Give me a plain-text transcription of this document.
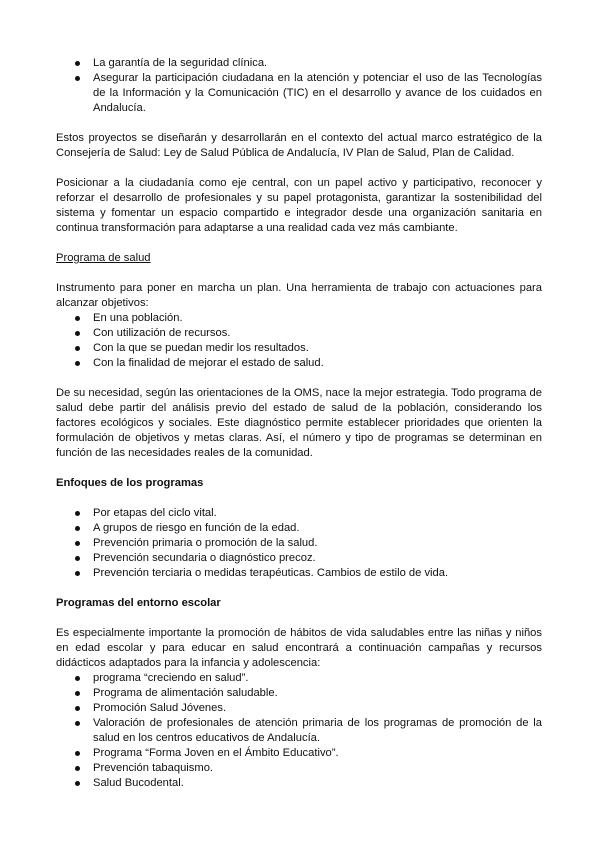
La garantía de la seguridad clínica.
Asegurar la participación ciudadana en la atención y potenciar el uso de las Tecnologías de la Información y la Comunicación (TIC) en el desarrollo y avance de los cuidados en Andalucía.

Estos proyectos se diseñarán y desarrollarán en el contexto del actual marco estratégico de la Consejería de Salud: Ley de Salud Pública de Andalucía, IV Plan de Salud, Plan de Calidad.

Posicionar a la ciudadanía como eje central, con un papel activo y participativo, reconocer y reforzar el desarrollo de profesionales y su papel protagonista, garantizar la sostenibilidad del sistema y fomentar un espacio compartido e integrador desde una organización sanitaria en continua transformación para adaptarse a una realidad cada vez más cambiante.

Programa de salud

Instrumento para poner en marcha un plan. Una herramienta de trabajo con actuaciones para alcanzar objetivos:

En una población.
Con utilización de recursos.
Con la que se puedan medir los resultados.
Con la finalidad de mejorar el estado de salud.

De su necesidad, según las orientaciones de la OMS, nace la mejor estrategia. Todo programa de salud debe partir del análisis previo del estado de salud de la población, considerando los factores ecológicos y sociales. Este diagnóstico permite establecer prioridades que orienten la formulación de objetivos y metas claras. Así, el número y tipo de programas se determinan en función de las necesidades reales de la comunidad.

Enfoques de los programas

Por etapas del ciclo vital.
A grupos de riesgo en función de la edad.
Prevención primaria o promoción de la salud.
Prevención secundaria o diagnóstico precoz.
Prevención terciaria o medidas terapéuticas. Cambios de estilo de vida.

Programas del entorno escolar

Es especialmente importante la promoción de hábitos de vida saludables entre las niñas y niños en edad escolar y para educar en salud encontrará a continuación campañas y recursos didácticos adaptados para la infancia y adolescencia:

programa “creciendo en salud”.
Programa de alimentación saludable.
Promoción Salud Jóvenes.
Valoración de profesionales de atención primaria de los programas de promoción de la salud en los centros educativos de Andalucía.
Programa “Forma Joven en el Ámbito Educativo”.
Prevención tabaquismo.
Salud Bucodental.
